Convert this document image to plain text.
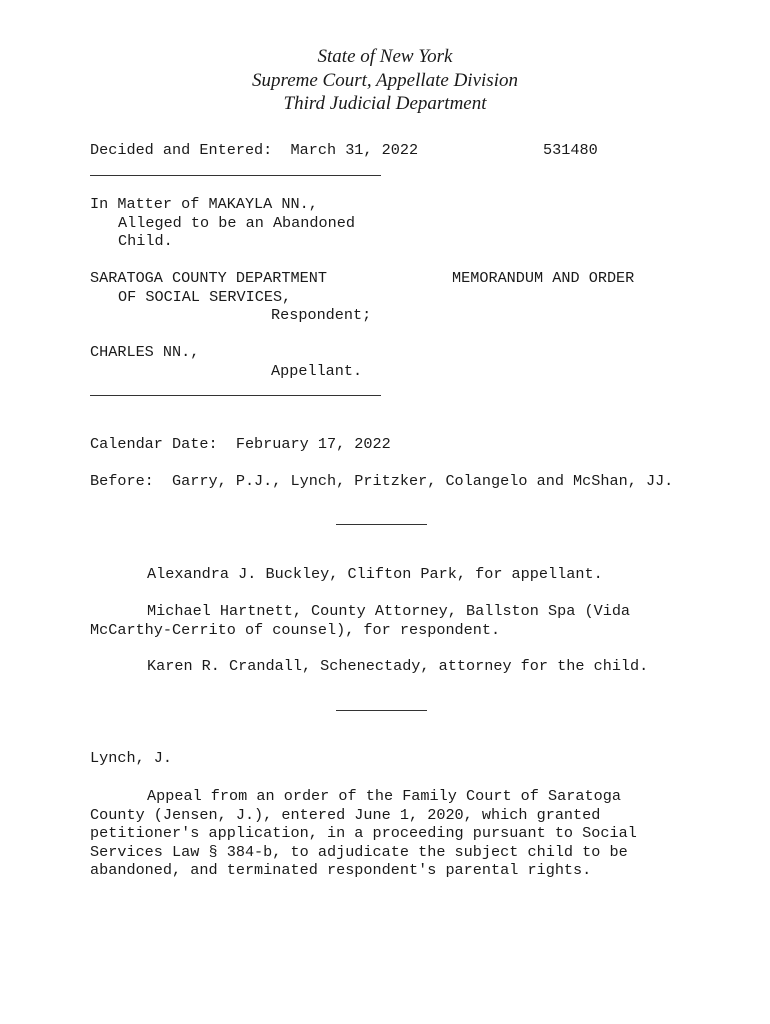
State of New York
Supreme Court, Appellate Division
Third Judicial Department
Decided and Entered:  March 31, 2022	531480
In Matter of MAKAYLA NN.,
Alleged to be an Abandoned
Child.
SARATOGA COUNTY DEPARTMENT	MEMORANDUM AND ORDER
OF SOCIAL SERVICES,
Respondent;
CHARLES NN.,
Appellant.
Calendar Date:  February 17, 2022
Before:  Garry, P.J., Lynch, Pritzker, Colangelo and McShan, JJ.
Alexandra J. Buckley, Clifton Park, for appellant.
Michael Hartnett, County Attorney, Ballston Spa (Vida McCarthy-Cerrito of counsel), for respondent.
Karen R. Crandall, Schenectady, attorney for the child.
Lynch, J.
Appeal from an order of the Family Court of Saratoga County (Jensen, J.), entered June 1, 2020, which granted petitioner's application, in a proceeding pursuant to Social Services Law § 384-b, to adjudicate the subject child to be abandoned, and terminated respondent's parental rights.
